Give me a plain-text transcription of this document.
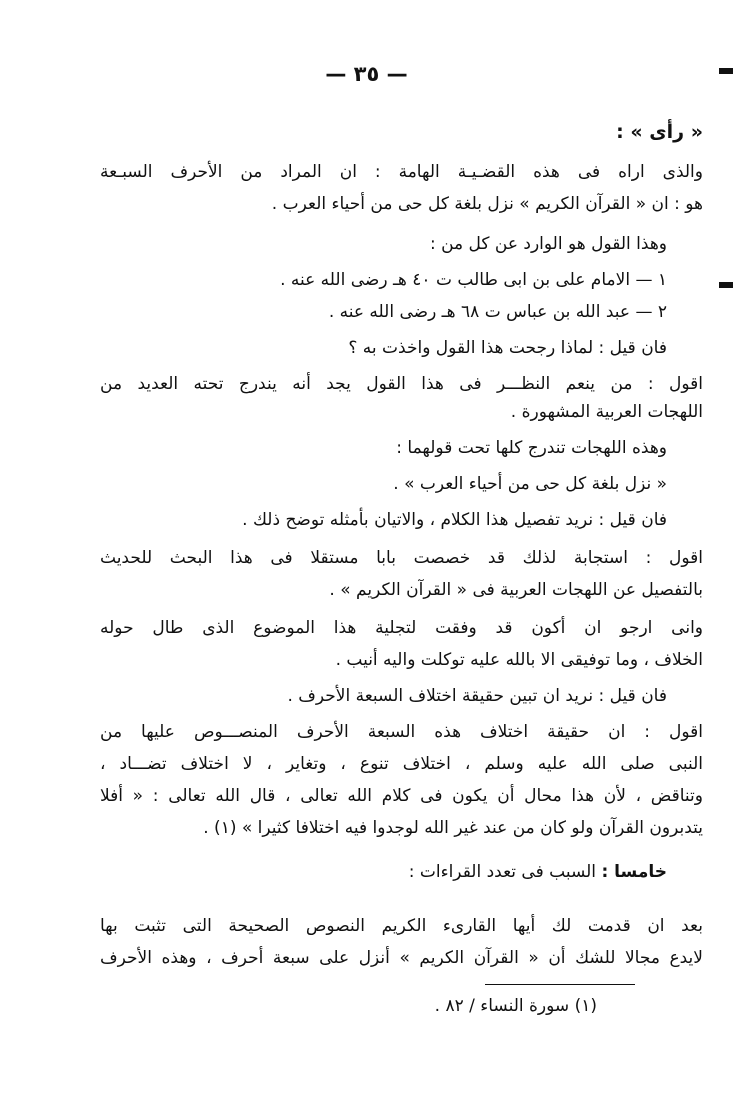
— ٣٥ —
« رأى » :
والذى اراه فى هذه القضـيـة الهامة : ان المراد من الأحرف السبـعة
هو : ان « القرآن الكريم » نزل بلغة كل حى من أحياء العرب .
وهذا القول هو الوارد عن كل من :
١ — الامام على بن ابى طالب ت ٤٠ هـ رضى الله عنه .
٢ — عبد الله بن عباس ت ٦٨ هـ رضى الله عنه .
فان قيل : لماذا رجحت هذا القول واخذت به ؟
اقول : من ينعم النظـــر فى هذا القول يجد أنه يندرج تحته العديد من
اللهجات العربية المشهورة .
وهذه اللهجات تندرج كلها تحت قولهما :
« نزل بلغة كل حى من أحياء العرب » .
فان قيل : نريد تفصيل هذا الكلام ، والاتيان بأمثله توضح ذلك .
اقول : استجابة لذلك قد خصصت بابا مستقلا فى هذا البحث للحديث
بالتفصيل عن اللهجات العربية فى « القرآن الكريم » .
وانى ارجو ان أكون قد وفقت لتجلية هذا الموضوع الذى طال حوله
الخلاف ، وما توفيقى الا بالله عليه توكلت واليه أنيب .
فان قيل : نريد ان تبين حقيقة اختلاف السبعة الأحرف .
اقول : ان حقيقة اختلاف هذه السبعة الأحرف المنصـــوص عليها من
النبى صلى الله عليه وسلم ، اختلاف تنوع ، وتغاير ، لا اختلاف تضـــاد ،
وتناقض ، لأن هذا محال أن يكون فى كلام الله تعالى ، قال الله تعالى : « أفلا
يتدبرون القرآن ولو كان من عند غير الله لوجدوا فيه اختلافا كثيرا » (١) .
خامسا : السبب فى تعدد القراءات :
بعد ان قدمت لك أيها القارىء الكريم النصوص الصحيحة التى تثبت بها
لايدع مجالا للشك أن « القرآن الكريم » أنزل على سبعة أحرف ، وهذه الأحرف
(١) سورة النساء / ٨٢ .
